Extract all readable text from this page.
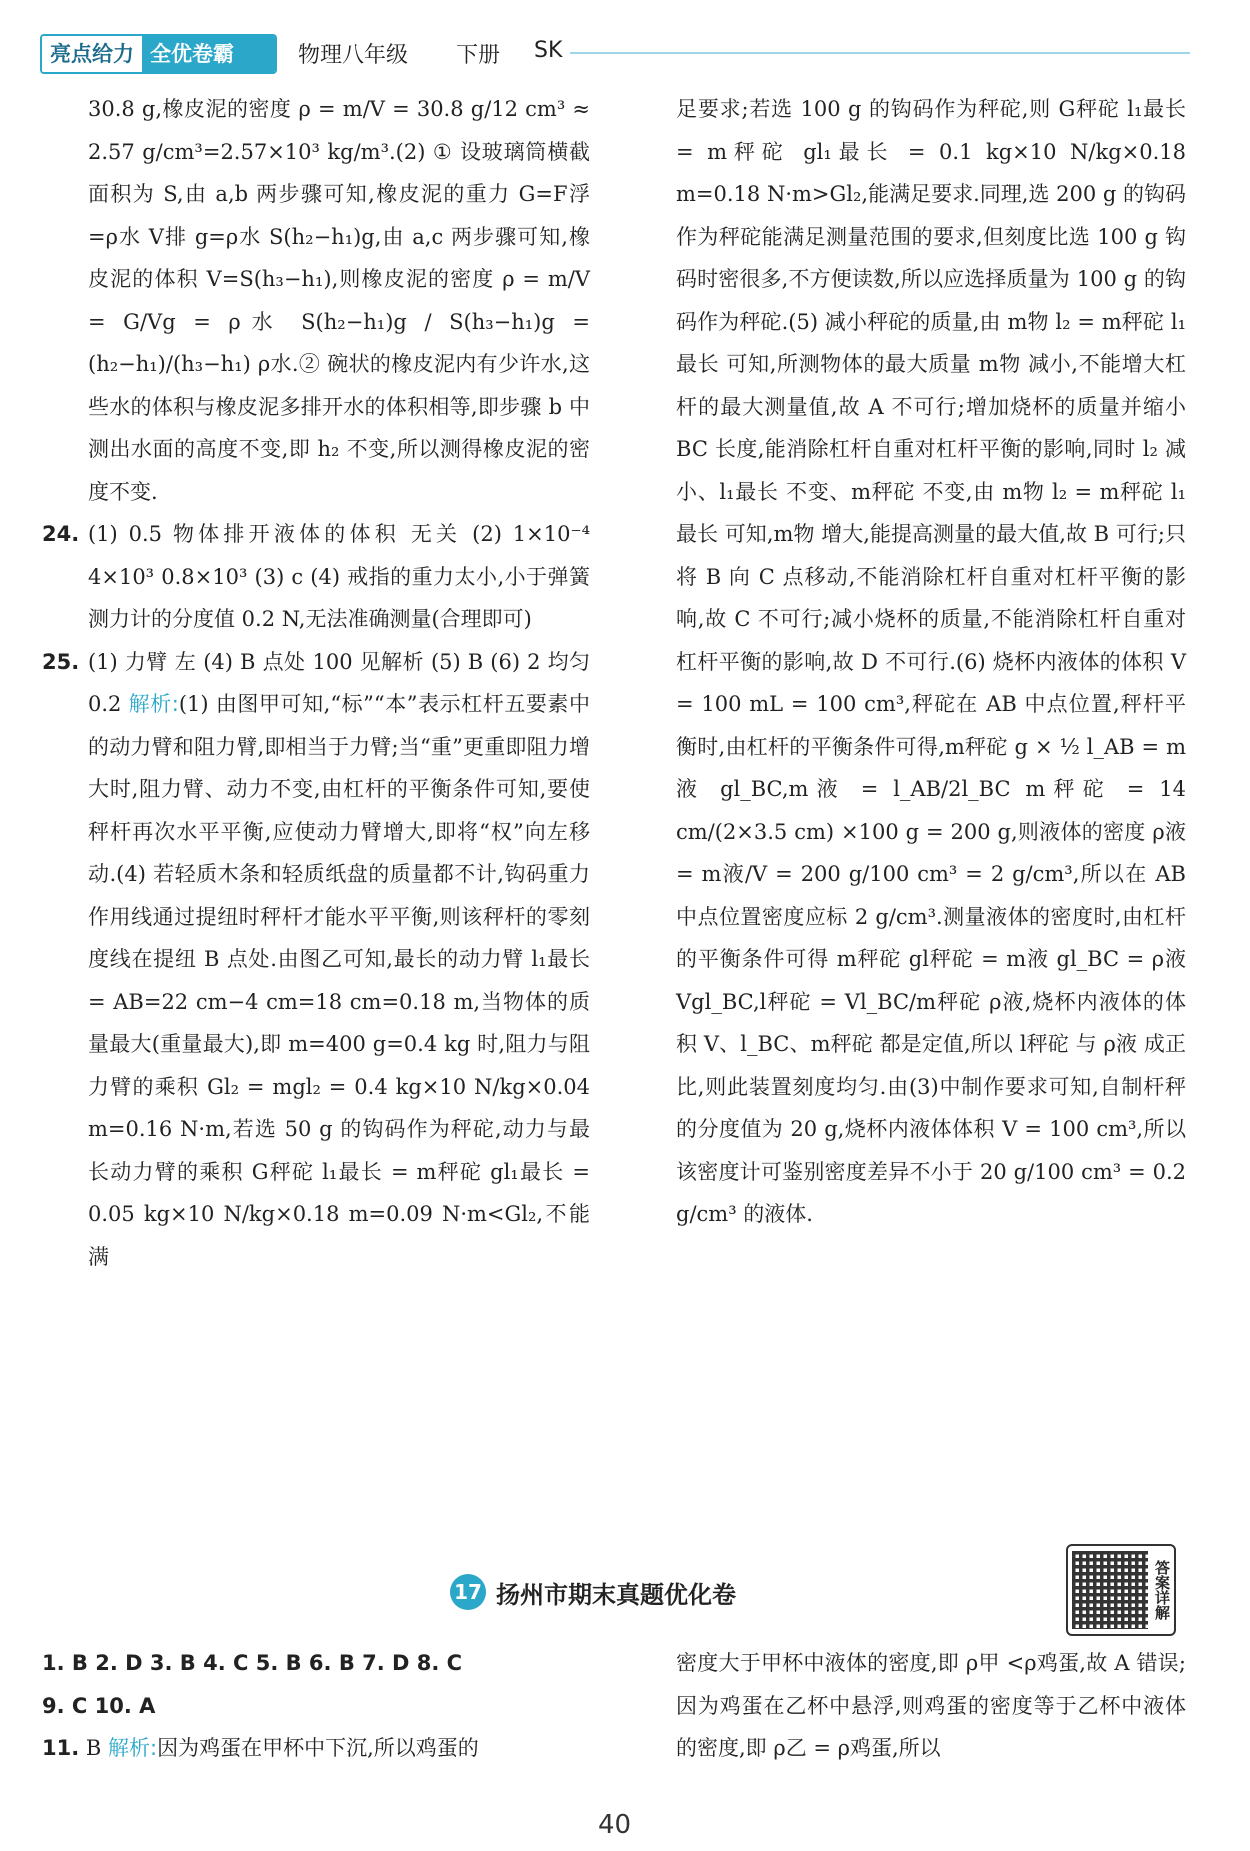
亮点给力 全优卷霸	物理八年级 下册 SK

30.8 g,橡皮泥的密度 ρ = m/V = 30.8 g/12 cm³ ≈ 2.57 g/cm³=2.57×10³ kg/m³.(2) ① 设玻璃筒横截面积为 S,由 a,b 两步骤可知,橡皮泥的重力 G=F浮 =ρ水 V排 g=ρ水 S(h₂−h₁)g,由 a,c 两步骤可知,橡皮泥的体积 V=S(h₃−h₁),则橡皮泥的密度 ρ = m/V = G/Vg = ρ水 S(h₂−h₁)g / S(h₃−h₁)g = (h₂−h₁)/(h₃−h₁) ρ水.② 碗状的橡皮泥内有少许水,这些水的体积与橡皮泥多排开水的体积相等,即步骤 b 中测出水面的高度不变,即 h₂ 不变,所以测得橡皮泥的密度不变.

24. (1) 0.5 物体排开液体的体积 无关 (2) 1×10⁻⁴ 4×10³ 0.8×10³ (3) c (4) 戒指的重力太小,小于弹簧测力计的分度值 0.2 N,无法准确测量(合理即可)

25. (1) 力臂 左 (4) B 点处 100 见解析 (5) B (6) 2 均匀 0.2 解析:(1) 由图甲可知,“标”“本”表示杠杆五要素中的动力臂和阻力臂,即相当于力臂;当“重”更重即阻力增大时,阻力臂、动力不变,由杠杆的平衡条件可知,要使秤杆再次水平平衡,应使动力臂增大,即将“权”向左移动.(4) 若轻质木条和轻质纸盘的质量都不计,钩码重力作用线通过提纽时秤杆才能水平平衡,则该秤杆的零刻度线在提纽 B 点处.由图乙可知,最长的动力臂 l₁最长 = AB=22 cm−4 cm=18 cm=0.18 m,当物体的质量最大(重量最大),即 m=400 g=0.4 kg 时,阻力与阻力臂的乘积 Gl₂ = mgl₂ = 0.4 kg×10 N/kg×0.04 m=0.16 N·m,若选 50 g 的钩码作为秤砣,动力与最长动力臂的乘积 G秤砣 l₁最长 = m秤砣 gl₁最长 = 0.05 kg×10 N/kg×0.18 m=0.09 N·m<Gl₂,不能满

足要求;若选 100 g 的钩码作为秤砣,则 G秤砣 l₁最长 = m秤砣 gl₁最长 = 0.1 kg×10 N/kg×0.18 m=0.18 N·m>Gl₂,能满足要求.同理,选 200 g 的钩码作为秤砣能满足测量范围的要求,但刻度比选 100 g 钩码时密很多,不方便读数,所以应选择质量为 100 g 的钩码作为秤砣.(5) 减小秤砣的质量,由 m物 l₂ = m秤砣 l₁最长 可知,所测物体的最大质量 m物 减小,不能增大杠杆的最大测量值,故 A 不可行;增加烧杯的质量并缩小 BC 长度,能消除杠杆自重对杠杆平衡的影响,同时 l₂ 减小、l₁最长 不变、m秤砣 不变,由 m物 l₂ = m秤砣 l₁最长 可知,m物 增大,能提高测量的最大值,故 B 可行;只将 B 向 C 点移动,不能消除杠杆自重对杠杆平衡的影响,故 C 不可行;减小烧杯的质量,不能消除杠杆自重对杠杆平衡的影响,故 D 不可行.(6) 烧杯内液体的体积 V = 100 mL = 100 cm³,秤砣在 AB 中点位置,秤杆平衡时,由杠杆的平衡条件可得,m秤砣 g × ½ l_AB = m液 gl_BC,m液 = l_AB/2l_BC m秤砣 = 14 cm/(2×3.5 cm) ×100 g = 200 g,则液体的密度 ρ液 = m液/V = 200 g/100 cm³ = 2 g/cm³,所以在 AB 中点位置密度应标 2 g/cm³.测量液体的密度时,由杠杆的平衡条件可得 m秤砣 gl秤砣 = m液 gl_BC = ρ液 Vgl_BC,l秤砣 = Vl_BC/m秤砣 ρ液,烧杯内液体的体积 V、l_BC、m秤砣 都是定值,所以 l秤砣 与 ρ液 成正比,则此装置刻度均匀.由(3)中制作要求可知,自制杆秤的分度值为 20 g,烧杯内液体体积 V = 100 cm³,所以该密度计可鉴别密度差异不小于 20 g/100 cm³ = 0.2 g/cm³ 的液体.

17 扬州市期末真题优化卷	答案详解

1. B 2. D 3. B 4. C 5. B 6. B 7. D 8. C

9. C 10. A

11. B 解析:因为鸡蛋在甲杯中下沉,所以鸡蛋的

密度大于甲杯中液体的密度,即 ρ甲 <ρ鸡蛋,故 A 错误;因为鸡蛋在乙杯中悬浮,则鸡蛋的密度等于乙杯中液体的密度,即 ρ乙 = ρ鸡蛋,所以

40
